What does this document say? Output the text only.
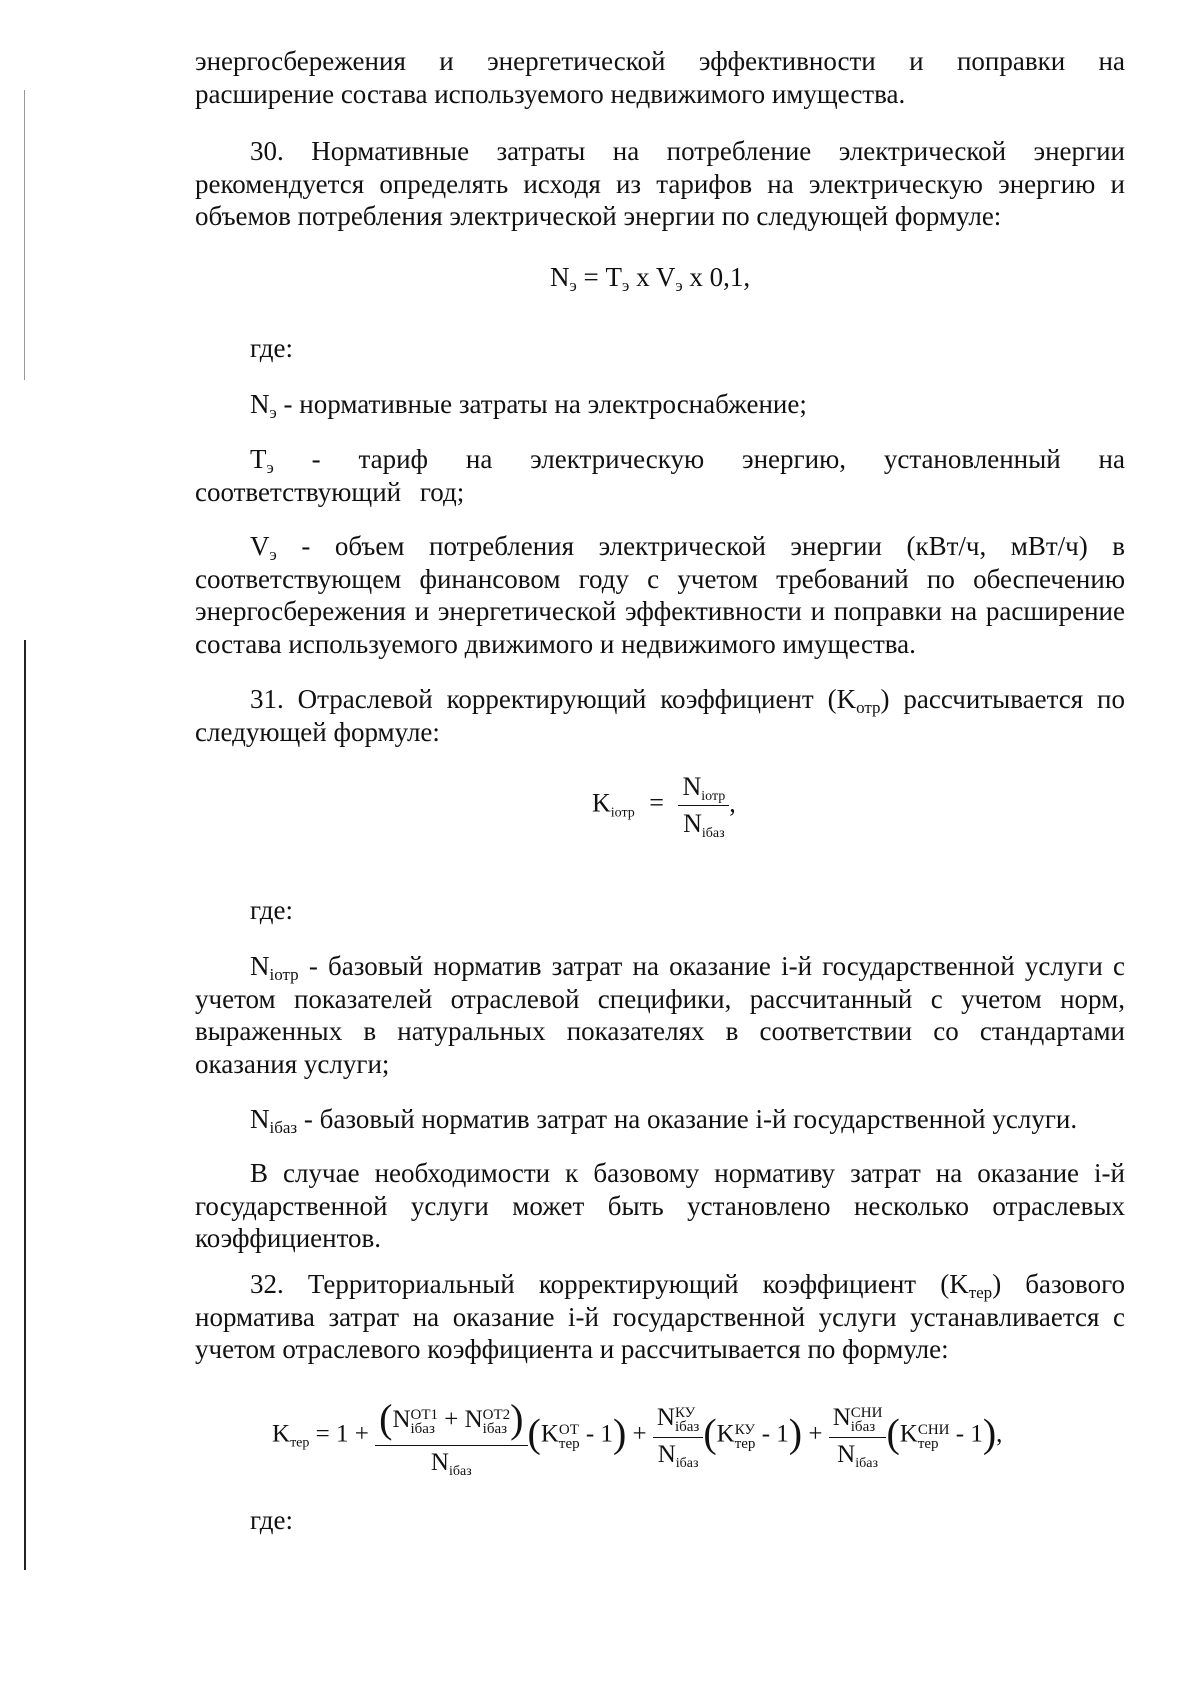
энергосбережения и энергетической эффективности и поправки на
расширение состава используемого недвижимого имущества.
30. Нормативные затраты на потребление электрической энергии рекомендуется определять исходя из тарифов на электрическую энергию и объемов потребления электрической энергии по следующей формуле:
$N_э = T_э$ x $V_э$ x 0,1,
где:
$N_э$ - нормативные затраты на электроснабжение;
$T_э$ - тариф на электрическую энергию, установленный на соответствующий год;
$V_э$ - объем потребления электрической энергии (кВт/ч, мВт/ч) в соответствующем финансовом году с учетом требований по обеспечению энергосбережения и энергетической эффективности и поправки на расширение состава используемого движимого и недвижимого имущества.
31. Отраслевой корректирующий коэффициент $(K_{отр})$ рассчитывается по следующей формуле:
$K_{iотр} = \frac{N_{iотр}}{N_{iбаз}}$ ,
где:
$N_{iотр}$ - базовый норматив затрат на оказание i-й государственной услуги с учетом показателей отраслевой специфики, рассчитанный с учетом норм, выраженных в натуральных показателях в соответствии со стандартами оказания услуги;
$N_{iбаз}$ - базовый норматив затрат на оказание i-й государственной услуги.
В случае необходимости к базовому нормативу затрат на оказание i-й государственной услуги может быть установлено несколько отраслевых коэффициентов.
32. Территориальный корректирующий коэффициент $(K_{тер})$ базового норматива затрат на оказание i-й государственной услуги устанавливается с учетом отраслевого коэффициента и рассчитывается по формуле:
$K_{тер} = 1 + (N$ ОТ1
iбаз + N ОТ2
iбаз )
$N_{iбаз}$ (K ОТ
тер - 1) + N КУ
iбаз
$N_{iбаз}$ (K КУ
тер - 1) + N СНИ
iбаз
$N_{iбаз}$ (K СНИ
тер - 1),
где:
